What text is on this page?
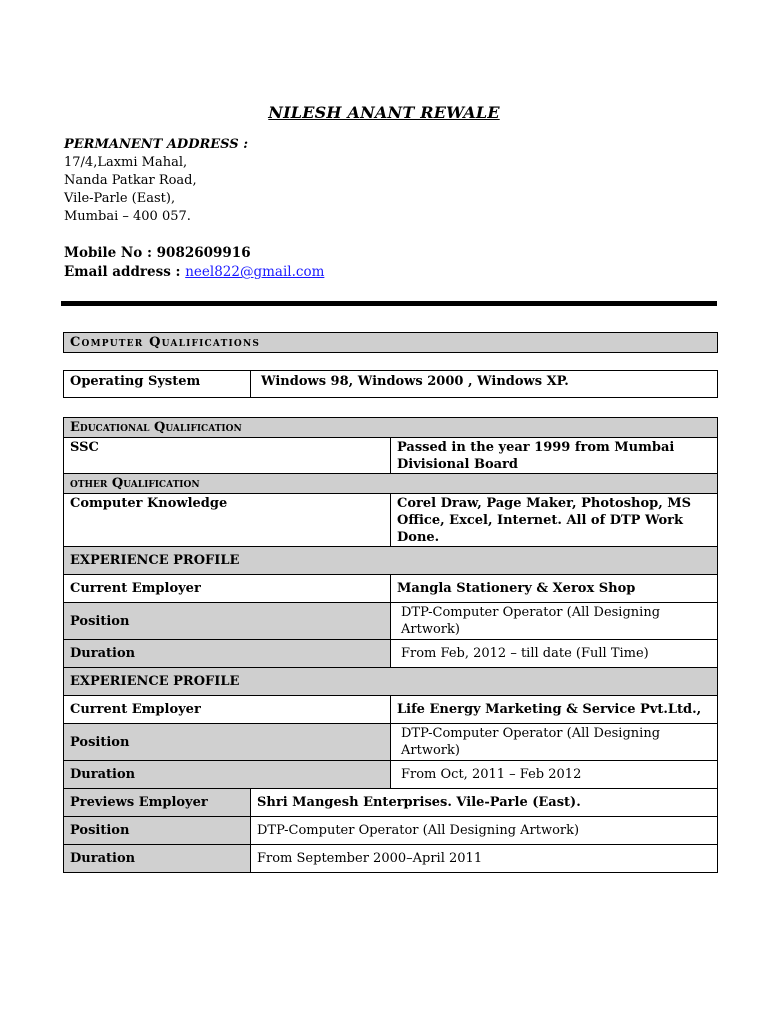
NILESH ANANT REWALE
PERMANENT ADDRESS :
17/4,Laxmi Mahal,
Nanda Patkar Road,
Vile-Parle (East),
Mumbai – 400 057.
Mobile No : 9082609916
Email address : neel822@gmail.com
Computer Qualifications
Operating System	Windows 98, Windows 2000 , Windows XP.
Educational Qualification
SSC	Passed in the year 1999 from Mumbai Divisional Board
other Qualification
Computer Knowledge	Corel Draw, Page Maker, Photoshop, MS Office, Excel, Internet. All of DTP Work Done.
EXPERIENCE PROFILE	
Current Employer	Mangla Stationery & Xerox Shop
Position	DTP-Computer Operator (All Designing Artwork)
Duration	From Feb, 2012 – till date (Full Time)
EXPERIENCE PROFILE	
Current Employer	Life Energy Marketing & Service Pvt.Ltd.,
Position	DTP-Computer Operator (All Designing Artwork)
Duration	From Oct, 2011 – Feb 2012
Previews Employer	Shri Mangesh Enterprises. Vile-Parle (East).
Position	DTP-Computer Operator (All Designing Artwork)
Duration	From September 2000–April 2011
